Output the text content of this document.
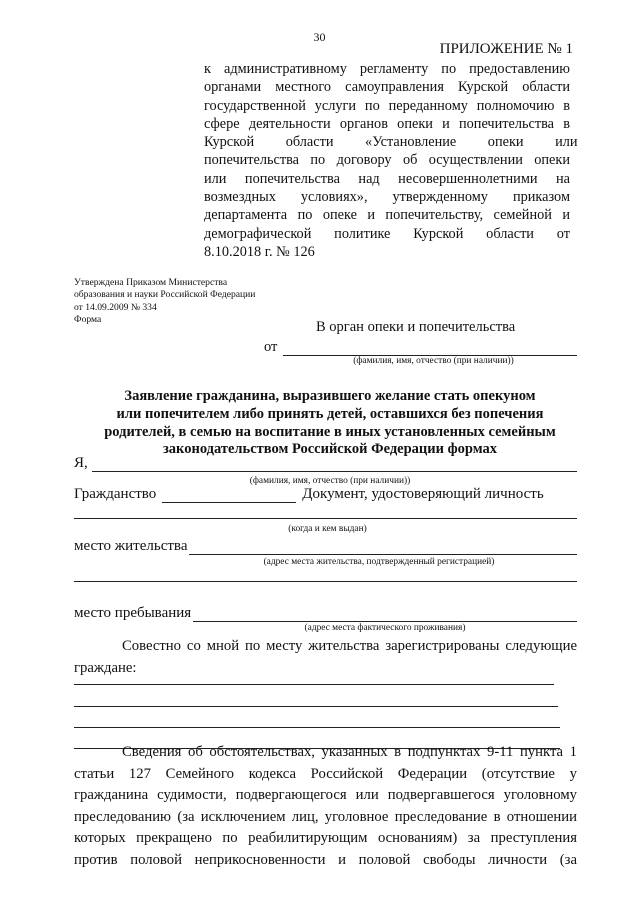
30
ПРИЛОЖЕНИЕ № 1
к административному регламенту по предоставлению
органами местного самоуправления Курской области
государственной услуги по переданному полномочию в
сфере деятельности органов опеки и попечительства в
Курской области «Установление опеки или
попечительства по договору об осуществлении опеки
или попечительства над несовершеннолетними на
возмездных условиях», утвержденному приказом
департамента по опеке и попечительству, семейной и
демографической политике Курской области от
8.10.2018 г. № 126
Утверждена Приказом Министерства
образования и науки Российской Федерации
от 14.09.2009 № 334
Форма	В орган опеки и попечительства
от
(фамилия, имя, отчество (при наличии))
Заявление гражданина, выразившего желание стать опекуном
или попечителем либо принять детей, оставшихся без попечения
родителей, в семью на воспитание в иных установленных семейным
законодательством Российской Федерации формах
Я,
(фамилия, имя, отчество (при наличии))
Гражданство	Документ, удостоверяющий личность
(когда и кем выдан)
место жительства
(адрес места жительства, подтвержденный регистрацией)
место пребывания
(адрес места фактического проживания)
Совестно со мной по месту жительства зарегистрированы следующие
граждане:
Сведения об обстоятельствах, указанных в подпунктах 9-11 пункта 1
статьи 127 Семейного кодекса Российской Федерации (отсутствие у
гражданина судимости, подвергающегося или подвергавшегося уголовному
преследованию (за исключением лиц, уголовное преследование в отношении
которых прекращено по реабилитирующим основаниям) за преступления
против половой неприкосновенности и половой свободы личности (за
